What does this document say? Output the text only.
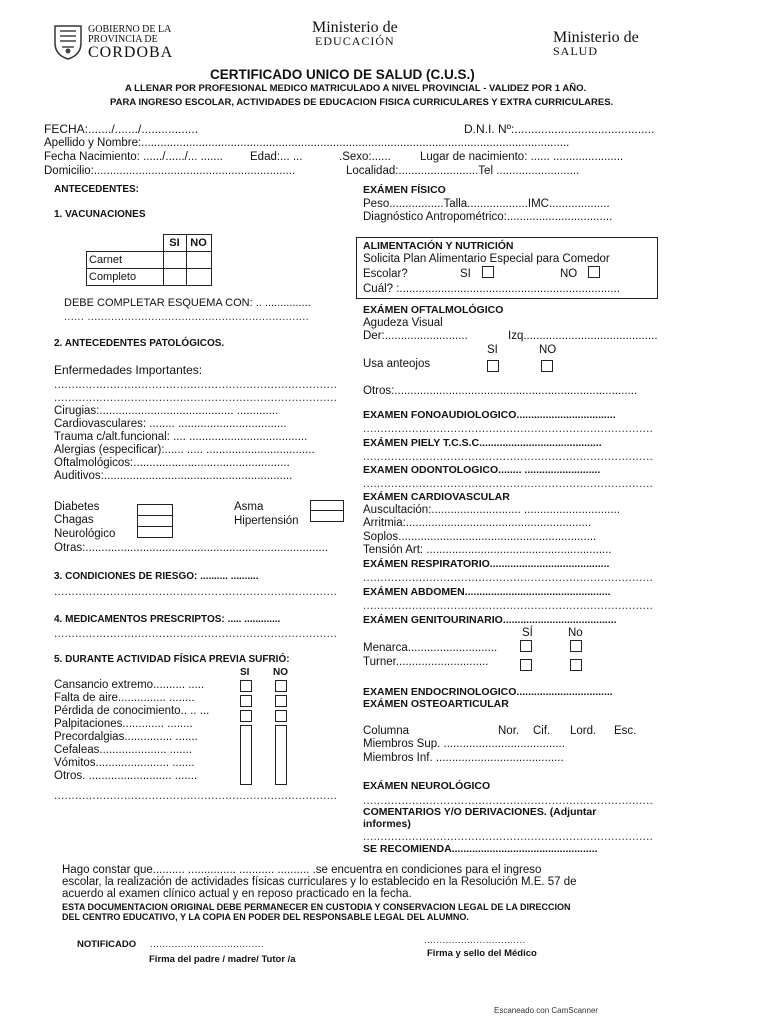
GOBIERNO DE LA
PROVINCIA DE
CORDOBA
Ministerio de
EDUCACIÓN	Ministerio de
SALUD
CERTIFICADO UNICO DE SALUD (C.U.S.)
A LLENAR POR PROFESIONAL MEDICO MATRICULADO A NIVEL PROVINCIAL - VALIDEZ POR 1 AÑO.
PARA INGRESO ESCOLAR, ACTIVIDADES DE EDUCACION FISICA CURRICULARES Y EXTRA CURRICULARES.
FECHA:......./......./.................	D.N.I. Nº:..........................................
Apellido y Nombre:......................................................................................................................................
Fecha Nacimiento: ....../....../... ....... Edad:... ...	.Sexo:......	Lugar de nacimiento: ...... ......................
Domicilio:...............................................................	Localidad:.........................Tel ..........................
ANTECEDENTES:
1. VACUNACIONES
	SI	NO
Carnet		
Completo		
DEBE COMPLETAR ESQUEMA CON: .. ...............
...... ..................................................................
2. ANTECEDENTES PATOLÓGICOS.
Enfermedades Importantes:
.................................................................................
.................................................................................
Cirugias:.......................................... .............
Cardiovasculares: ........ ..................................
Trauma c/alt.funcional: .... .....................................
Alergias (especificar):...... ..... ..................................
Oftalmológicos:.................................................
Auditivos:...........................................................
Diabetes
Chagas
Neurológico
Asma
Hipertensión
Otras:............................................................................
3. CONDICIONES DE RIESGO: .......... ..........
.................................................................................
4. MEDICAMENTOS PRESCRIPTOS: ..... .............
.................................................................................
5. DURANTE ACTIVIDAD FÍSICA PREVIA SUFRIÓ:
SI NO
Cansancio extremo.......... .....
Falta de aire............... ........
Pérdida de conocimiento.. .. ...
Palpitaciones............. ........
Precordalgias............... .......
Cefaleas..................... .......
Vómitos....................... .......
Otros. .......................... .......
.................................................................................
EXÁMEN FÍSICO
Peso.................Talla...................IMC...................
Diagnóstico Antropométrico:.................................
ALIMENTACIÓN Y NUTRICIÓN
Solicita Plan Alimentario Especial para Comedor
Escolar?	SI	NO
Cuál? :.....................................................................
EXÁMEN OFTALMOLÓGICO
Agudeza Visual
Der:..........................	Izq..........................................
SI	NO
Usa anteojos
Otros:............................................................................
EXAMEN FONOAUDIOLOGICO..................................
...................................................................................
EXÁMEN PIELY T.C.S.C..........................................
...................................................................................
EXAMEN ODONTOLOGICO........ ..........................
...................................................................................
EXÁMEN CARDIOVASCULAR
Auscultación:............................ ..............................
Arritmia:..........................................................
Soplos..............................................................
Tensión Art: ..........................................................
EXÁMEN RESPIRATORIO.........................................
...................................................................................
EXÁMEN ABDOMEN..................................................
...................................................................................
EXÁMEN GENITOURINARIO.......................................
SÍ	No
Menarca............................
Turner.............................
EXAMEN ENDOCRINOLOGICO.................................
EXÁMEN OSTEOARTICULAR
Columna	Nor. Cif. Lord. Esc.
Miembros Sup. ......................................
Miembros Inf. ........................................
EXÁMEN NEUROLÓGICO
...................................................................................
COMENTARIOS Y/O DERIVACIONES. (Adjuntar
informes)
...................................................................................
SE RECOMIENDA..................................................
Hago constar que.......... ............... ........... .......... .se encuentra en condiciones para el ingreso
escolar, la realización de actividades físicas curriculares y lo establecido en la Resolución M.E. 57 de
acuerdo al examen clínico actual y en reposo practicado en la fecha.
ESTA DOCUMENTACION ORIGINAL DEBE PERMANECER EN CUSTODIA Y CONSERVACION LEGAL DE LA DIRECCION
DEL CENTRO EDUCATIVO, Y LA COPIA EN PODER DEL RESPONSABLE LEGAL DEL ALUMNO.
NOTIFICADO .....................................
Firma del padre / madre/ Tutor /a
.................................
Firma y sello del Médico
Escaneado con CamScanner
